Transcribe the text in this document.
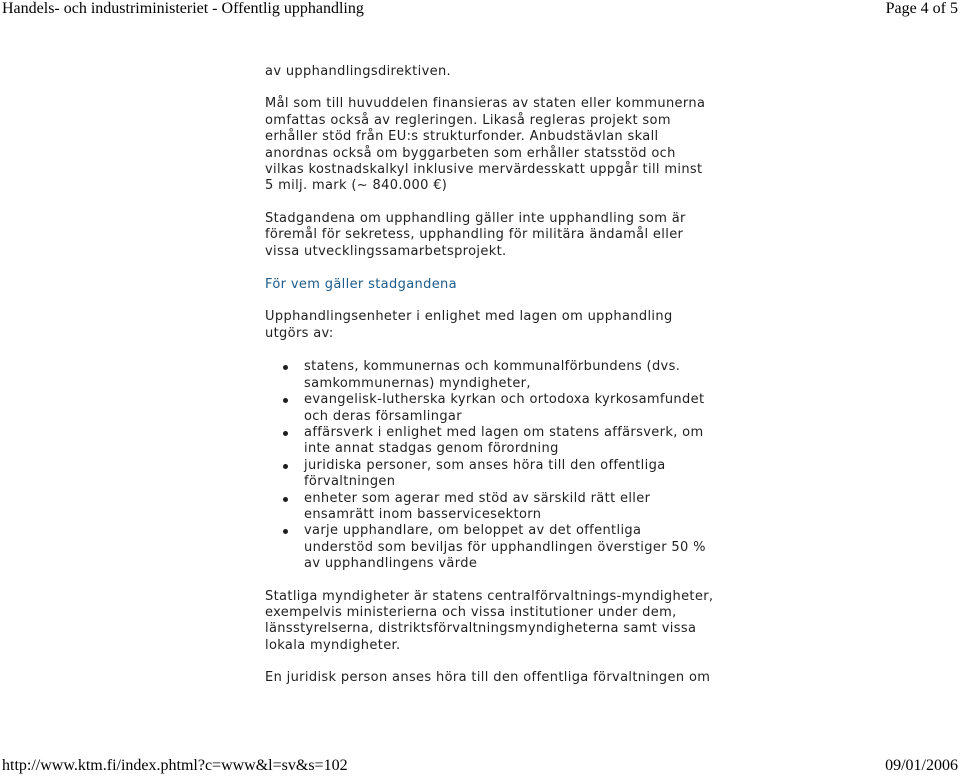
Handels- och industriministeriet - Offentlig upphandling	Page 4 of 5

av upphandlingsdirektiven.

Mål som till huvuddelen finansieras av staten eller kommunerna omfattas också av regleringen. Likaså regleras projekt som erhåller stöd från EU:s strukturfonder. Anbudstävlan skall anordnas också om byggarbeten som erhåller statsstöd och vilkas kostnadskalkyl inklusive mervärdesskatt uppgår till minst 5 milj. mark (~ 840.000 €)

Stadgandena om upphandling gäller inte upphandling som är föremål för sekretess, upphandling för militära ändamål eller vissa utvecklingssamarbetsprojekt.

För vem gäller stadgandena

Upphandlingsenheter i enlighet med lagen om upphandling utgörs av:

statens, kommunernas och kommunalförbundens (dvs. samkommunernas) myndigheter,
evangelisk-lutherska kyrkan och ortodoxa kyrkosamfundet och deras församlingar
affärsverk i enlighet med lagen om statens affärsverk, om inte annat stadgas genom förordning
juridiska personer, som anses höra till den offentliga förvaltningen
enheter som agerar med stöd av särskild rätt eller ensamrätt inom basservicesektorn
varje upphandlare, om beloppet av det offentliga understöd som beviljas för upphandlingen överstiger 50 % av upphandlingens värde

Statliga myndigheter är statens centralförvaltnings-myndigheter, exempelvis ministerierna och vissa institutioner under dem, länsstyrelserna, distriktsförvaltningsmyndigheterna samt vissa lokala myndigheter.

En juridisk person anses höra till den offentliga förvaltningen om

http://www.ktm.fi/index.phtml?c=www&l=sv&s=102	09/01/2006
